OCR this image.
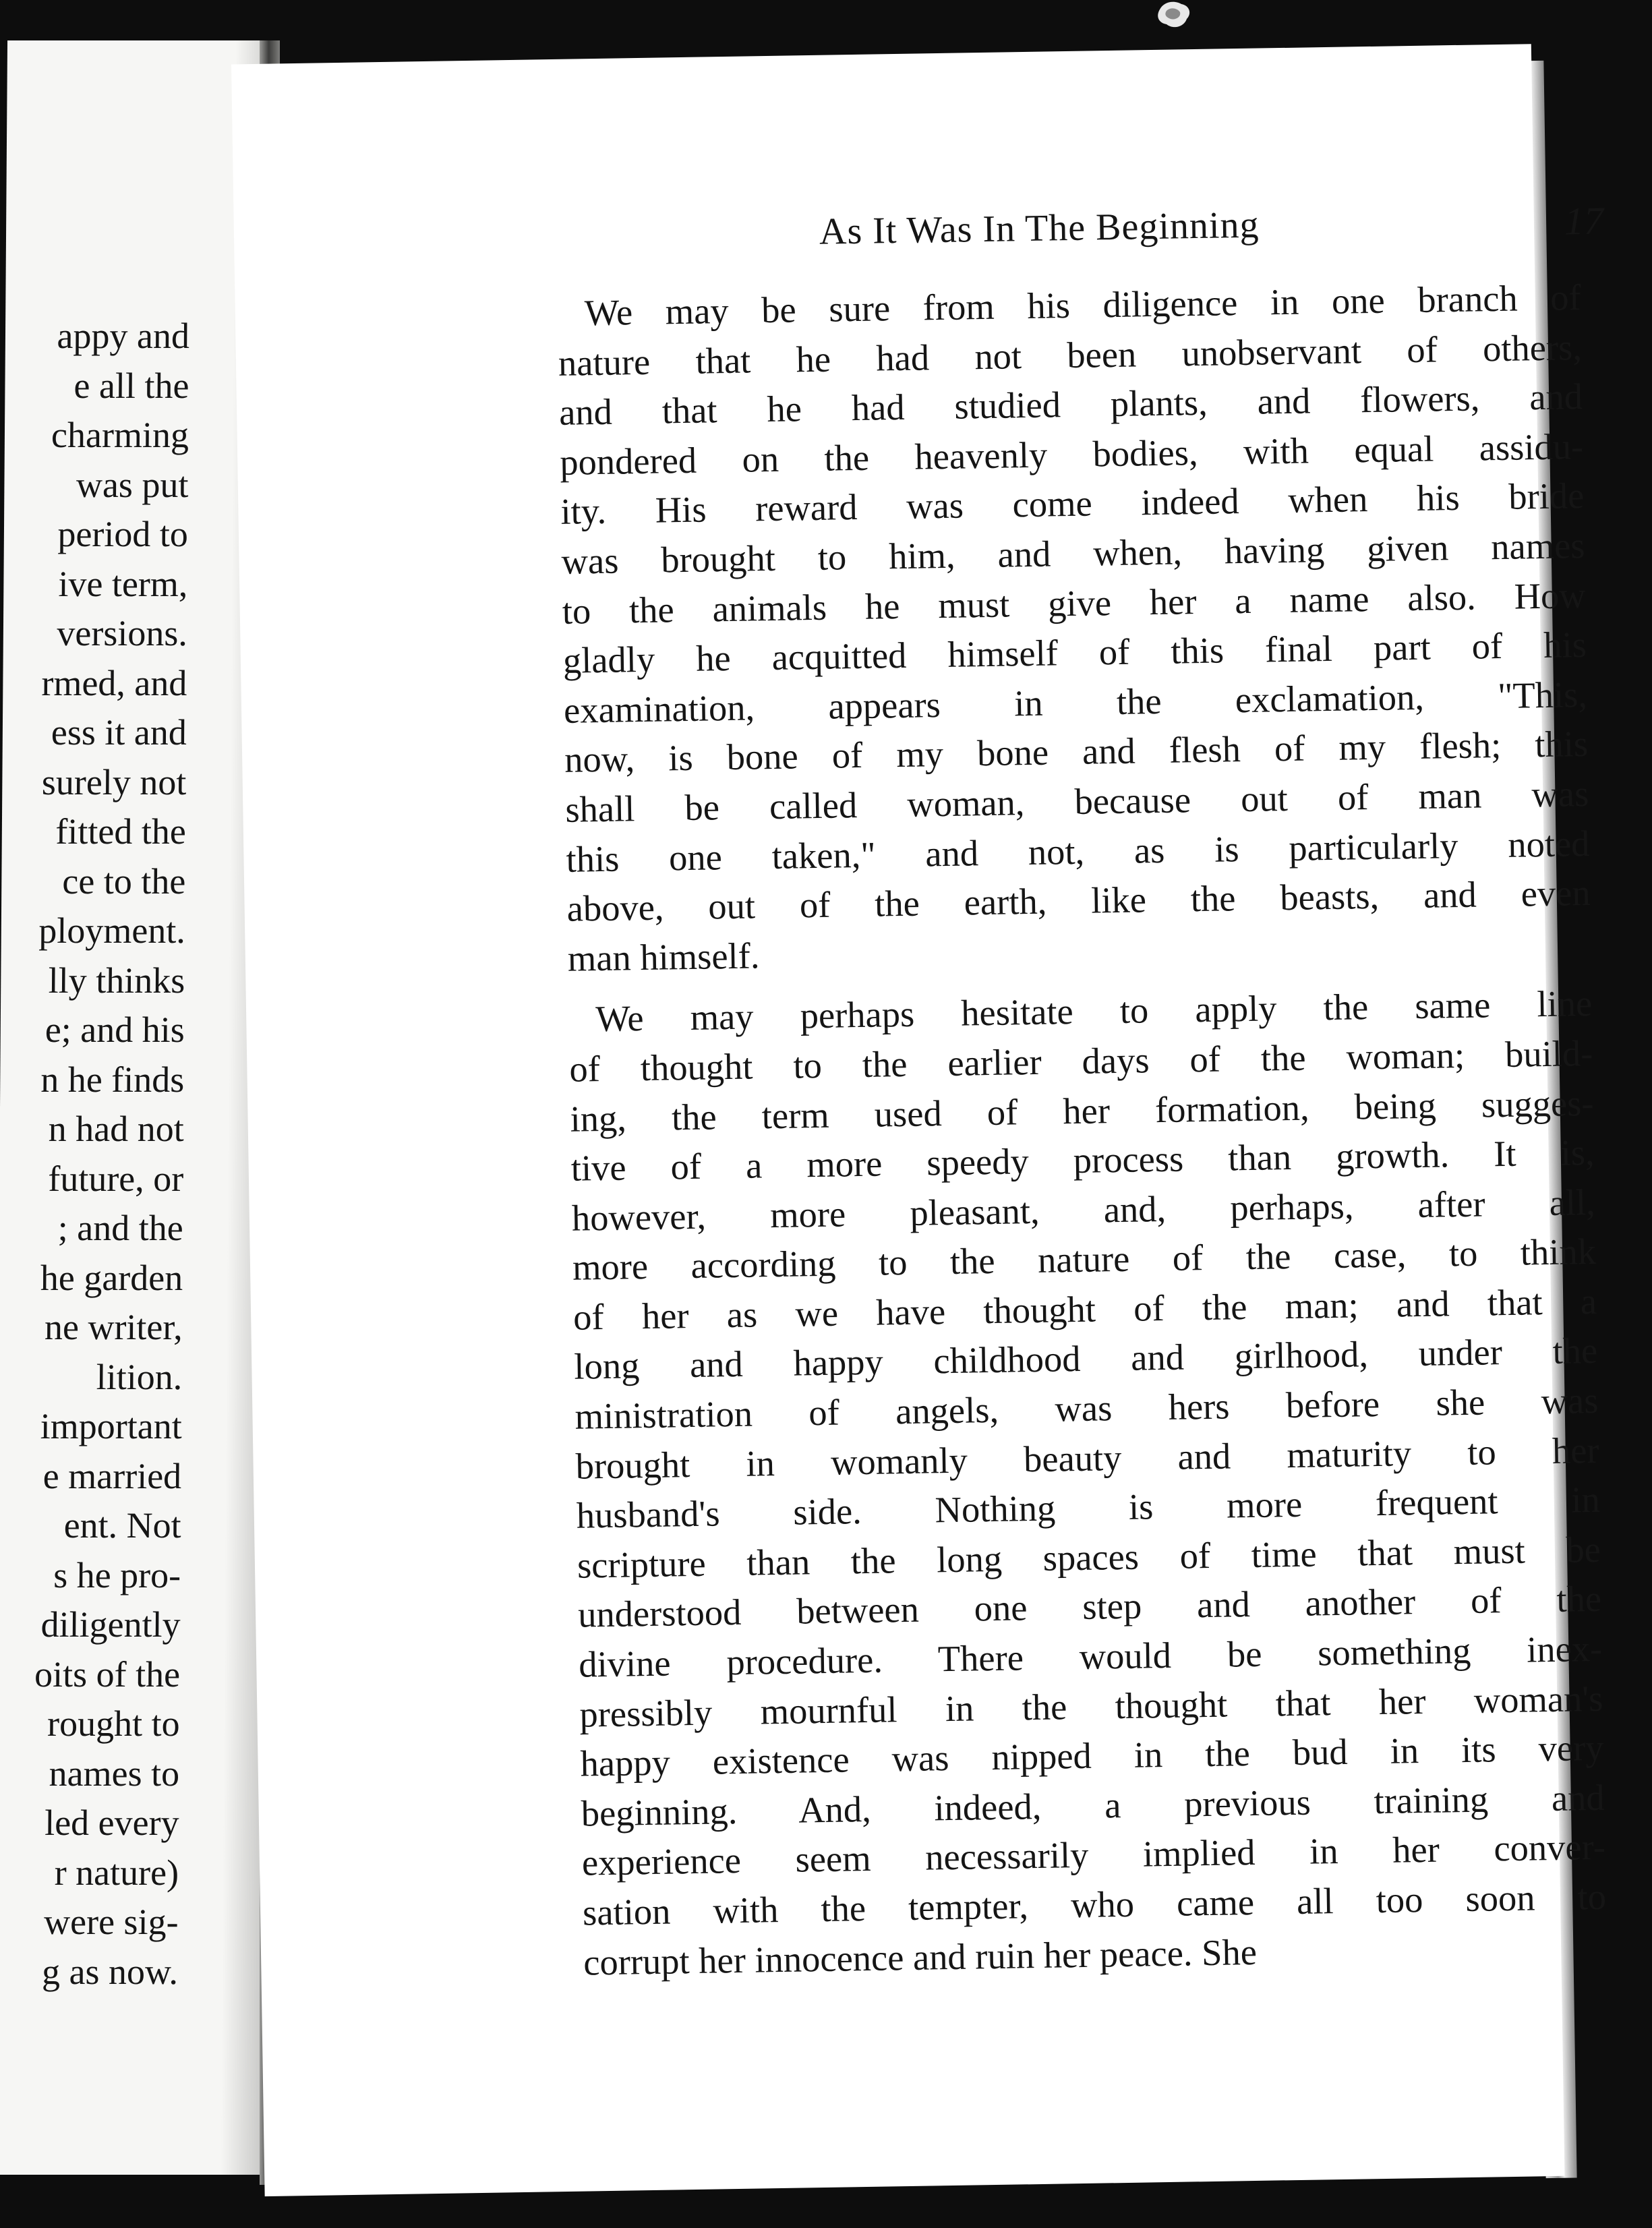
appy and
e all the
charming
was put
period to
ive term,
versions.
rmed, and
ess it and
surely not
fitted the
ce to the
ployment.
lly thinks
e; and his
n he finds
n had not
future, or
; and the
he garden
ne writer,
lition.
important
e married
ent. Not
s he pro-
diligently
oits of the
rought to
names to
led every
r nature)
were sig-
g as now.
As It Was In The Beginning	17

We may be sure from his diligence in one branch of
nature that he had not been unobservant of others,
and that he had studied plants, and flowers, and
pondered on the heavenly bodies, with equal assidu-
ity. His reward was come indeed when his bride
was brought to him, and when, having given names
to the animals he must give her a name also. How
gladly he acquitted himself of this final part of his
examination, appears in the exclamation, "This,
now, is bone of my bone and flesh of my flesh; this
shall be called woman, because out of man was
this one taken," and not, as is particularly noted
above, out of the earth, like the beasts, and even
man himself.

We may perhaps hesitate to apply the same line
of thought to the earlier days of the woman; build-
ing, the term used of her formation, being sugges-
tive of a more speedy process than growth. It is,
however, more pleasant, and, perhaps, after all,
more according to the nature of the case, to think
of her as we have thought of the man; and that a
long and happy childhood and girlhood, under the
ministration of angels, was hers before she was
brought in womanly beauty and maturity to her
husband's side. Nothing is more frequent in
scripture than the long spaces of time that must be
understood between one step and another of the
divine procedure. There would be something inex-
pressibly mournful in the thought that her woman's
happy existence was nipped in the bud in its very
beginning. And, indeed, a previous training and
experience seem necessarily implied in her conver-
sation with the tempter, who came all too soon to
corrupt her innocence and ruin her peace. She
